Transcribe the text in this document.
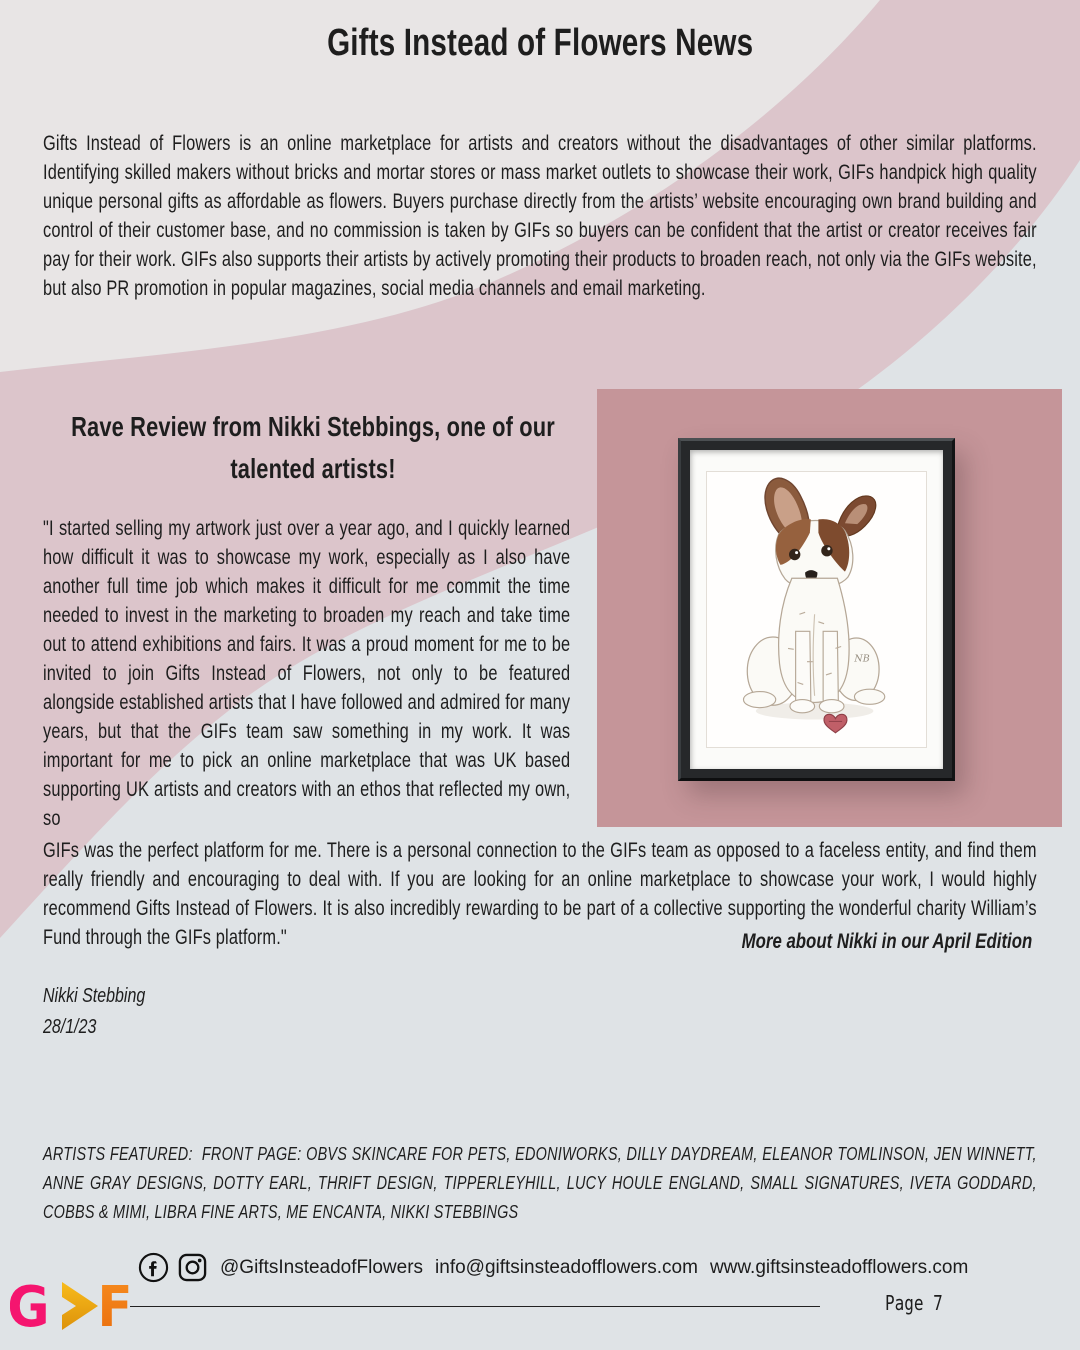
Gifts Instead of Flowers News

Gifts Instead of Flowers is an online marketplace for artists and creators without the disadvantages of other similar platforms. Identifying skilled makers without bricks and mortar stores or mass market outlets to showcase their work, GIFs handpick high quality unique personal gifts as affordable as flowers. Buyers purchase directly from the artists’ website encouraging own brand building and control of their customer base, and no commission is taken by GIFs so buyers can be confident that the artist or creator receives fair pay for their work. GIFs also supports their artists by actively promoting their products to broaden reach, not only via the GIFs website, but also PR promotion in popular magazines, social media channels and email marketing.

Rave Review from Nikki Stebbings, one of our talented artists!

"I started selling my artwork just over a year ago, and I quickly learned how difficult it was to showcase my work, especially as I also have another full time job which makes it difficult for me commit the time needed to invest in the marketing to broaden my reach and take time out to attend exhibitions and fairs. It was a proud moment for me to be invited to join Gifts Instead of Flowers, not only to be featured alongside established artists that I have followed and admired for many years, but that the GIFs team saw something in my work. It was important for me to pick an online marketplace that was UK based supporting UK artists and creators with an ethos that reflected my own, so

NB

GIFs was the perfect platform for me. There is a personal connection to the GIFs team as opposed to a faceless entity, and find them really friendly and encouraging to deal with. If you are looking for an online marketplace to showcase your work, I would highly recommend Gifts Instead of Flowers. It is also incredibly rewarding to be part of a collective supporting the wonderful charity William’s Fund through the GIFs platform."	More about Nikki in our April Edition
Nikki Stebbing
28/1/23

ARTISTS FEATURED:  FRONT PAGE: OBVS SKINCARE FOR PETS, EDONIWORKS, DILLY DAYDREAM, ELEANOR TOMLINSON, JEN WINNETT, ANNE GRAY DESIGNS, DOTTY EARL, THRIFT DESIGN, TIPPERLEYHILL, LUCY HOULE ENGLAND, SMALL SIGNATURES, IVETA GODDARD, COBBS & MIMI, LIBRA FINE ARTS, ME ENCANTA, NIKKI STEBBINGS

@GiftsInsteadofFlowers info@giftsinsteadofflowers.com www.giftsinsteadofflowers.com
G F	Page 7
